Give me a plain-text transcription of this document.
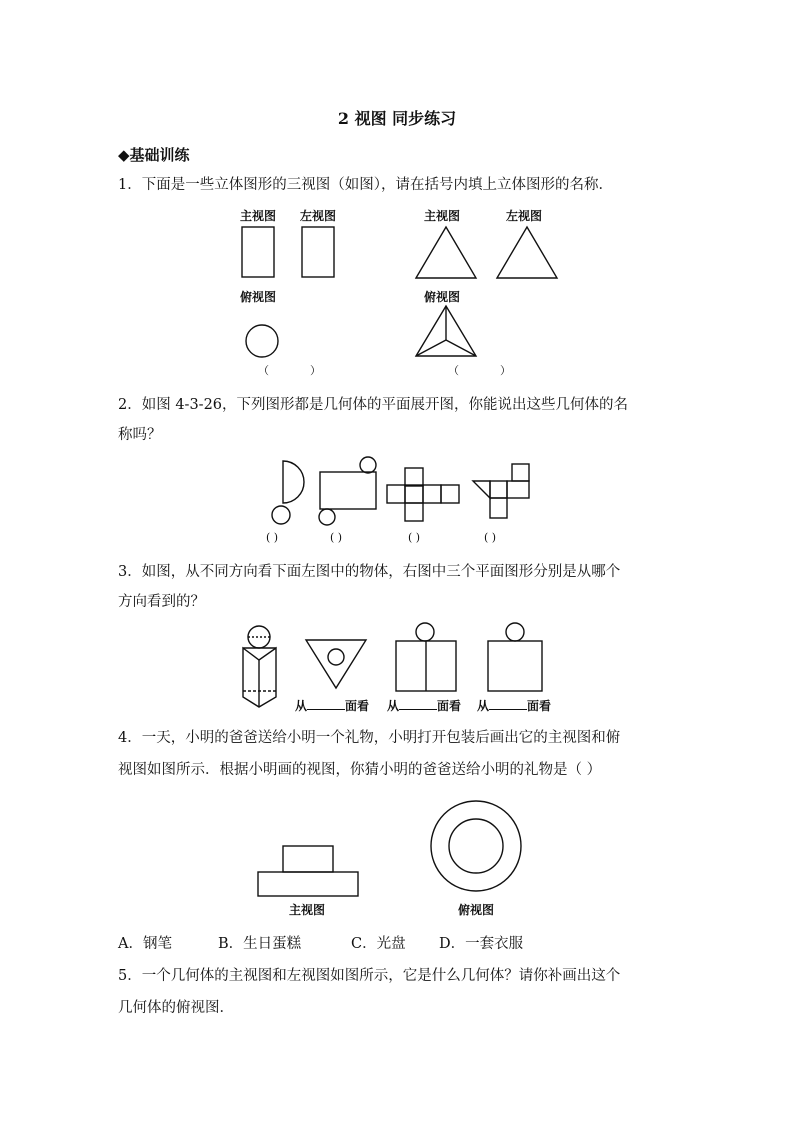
2 视图 同步练习
◆基础训练
1．下面是一些立体图形的三视图（如图），请在括号内填上立体图形的名称．
主视图 左视图
俯视图
（	）
主视图	左视图
俯视图
（	）
2．如图 4-3-26，下列图形都是几何体的平面展开图，你能说出这些几何体的名
称吗？
( )	( )	( )	( )
3．如图，从不同方向看下面左图中的物体，右图中三个平面图形分别是从哪个
方向看到的？
从	面看 从	面看 从	面看
4．一天，小明的爸爸送给小明一个礼物，小明打开包装后画出它的主视图和俯
视图如图所示．根据小明画的视图，你猜小明的爸爸送给小明的礼物是（ ）
主视图	俯视图
A．钢笔	B．生日蛋糕	C．光盘 D．一套衣服
5．一个几何体的主视图和左视图如图所示，它是什么几何体？请你补画出这个
几何体的俯视图．
